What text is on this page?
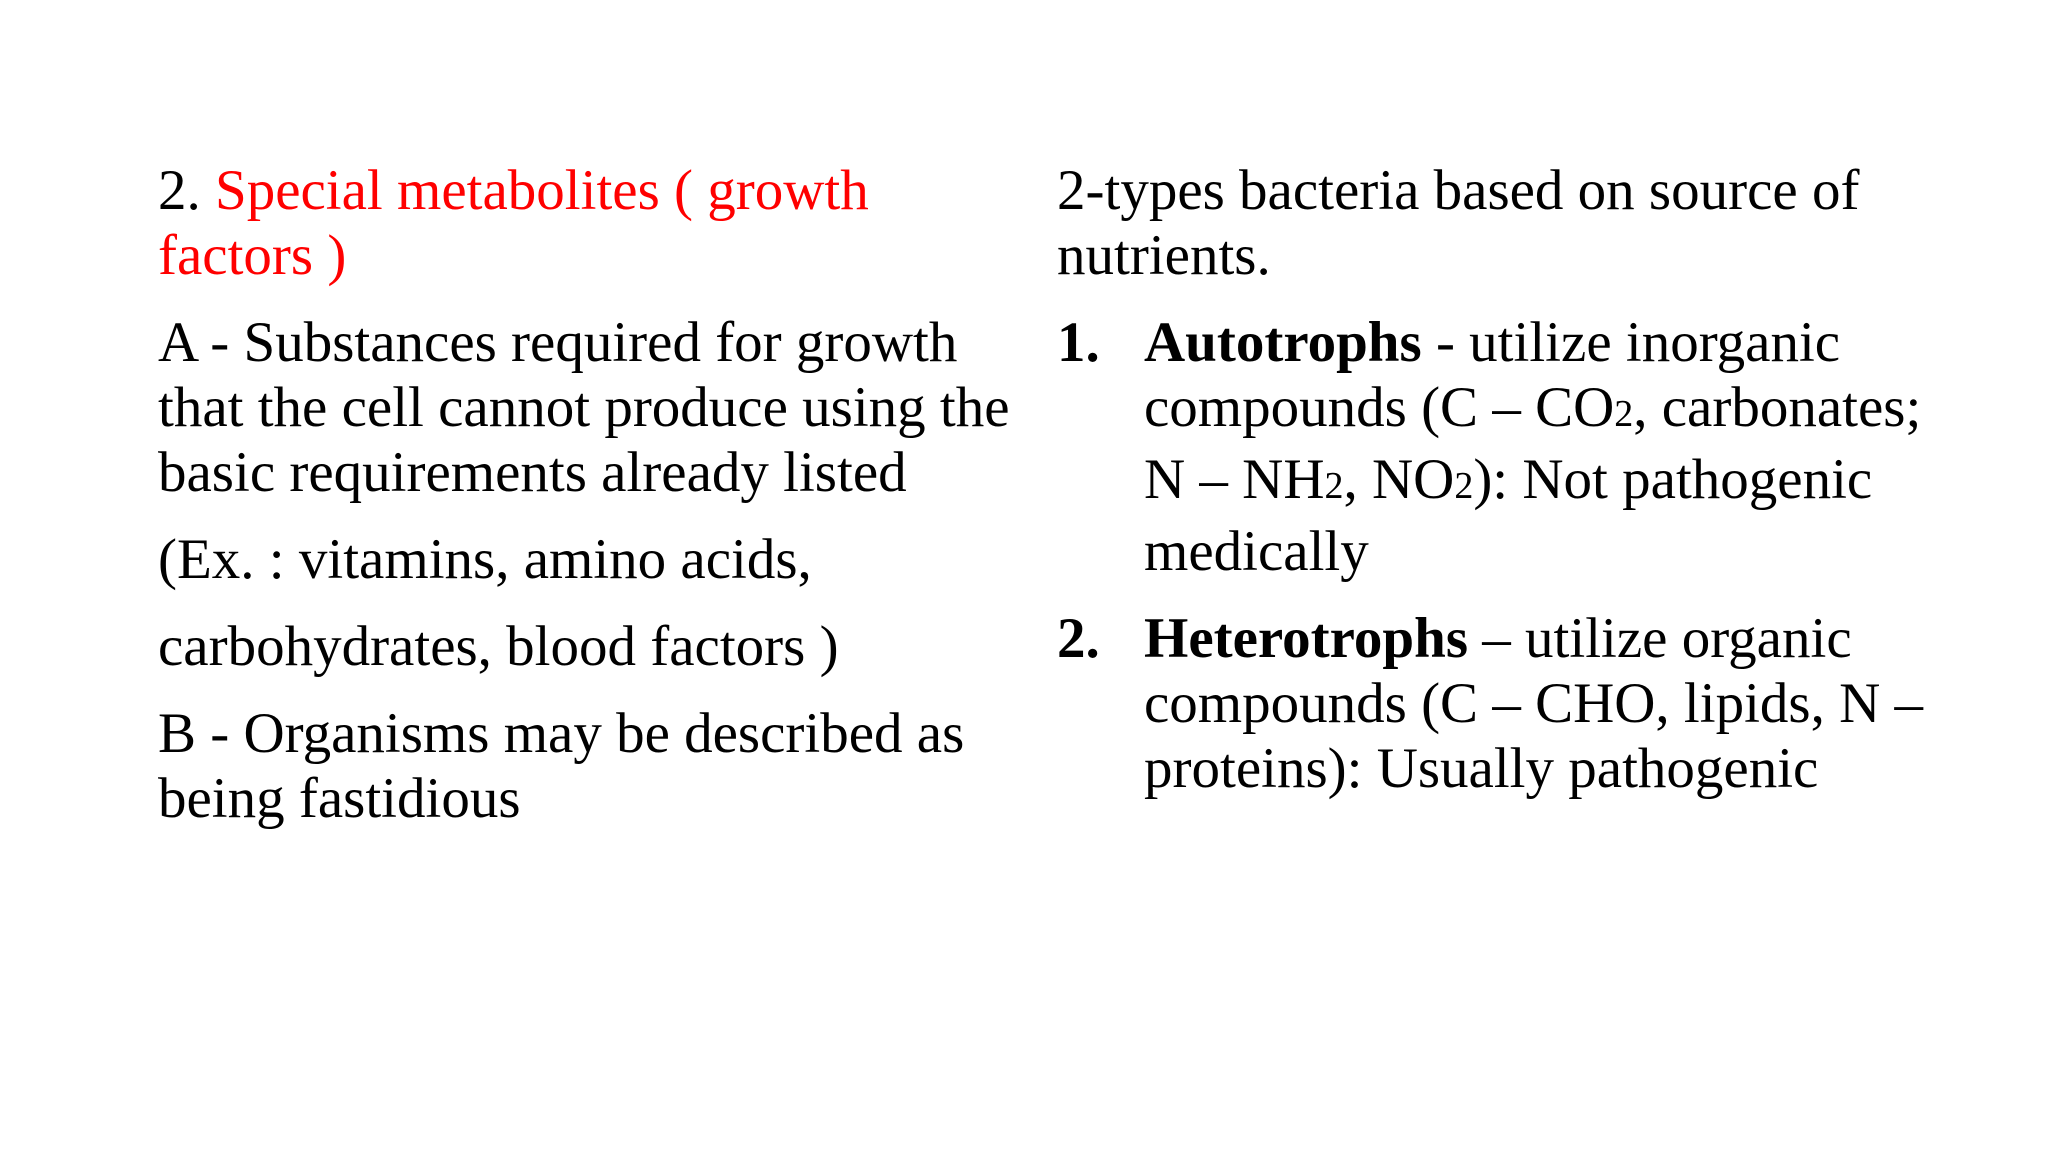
2. Special metabolites ( growth factors )

A - Substances required for growth that the cell cannot produce using the basic requirements already listed

(Ex. : vitamins, amino acids,

carbohydrates, blood factors )

B - Organisms may be described as being fastidious

2-types bacteria based on source of nutrients.

1. Autotrophs - utilize inorganic compounds (C – CO2, carbonates; N – NH2, NO2): Not pathogenic medically
2. Heterotrophs – utilize organic compounds (C – CHO, lipids, N – proteins): Usually pathogenic
